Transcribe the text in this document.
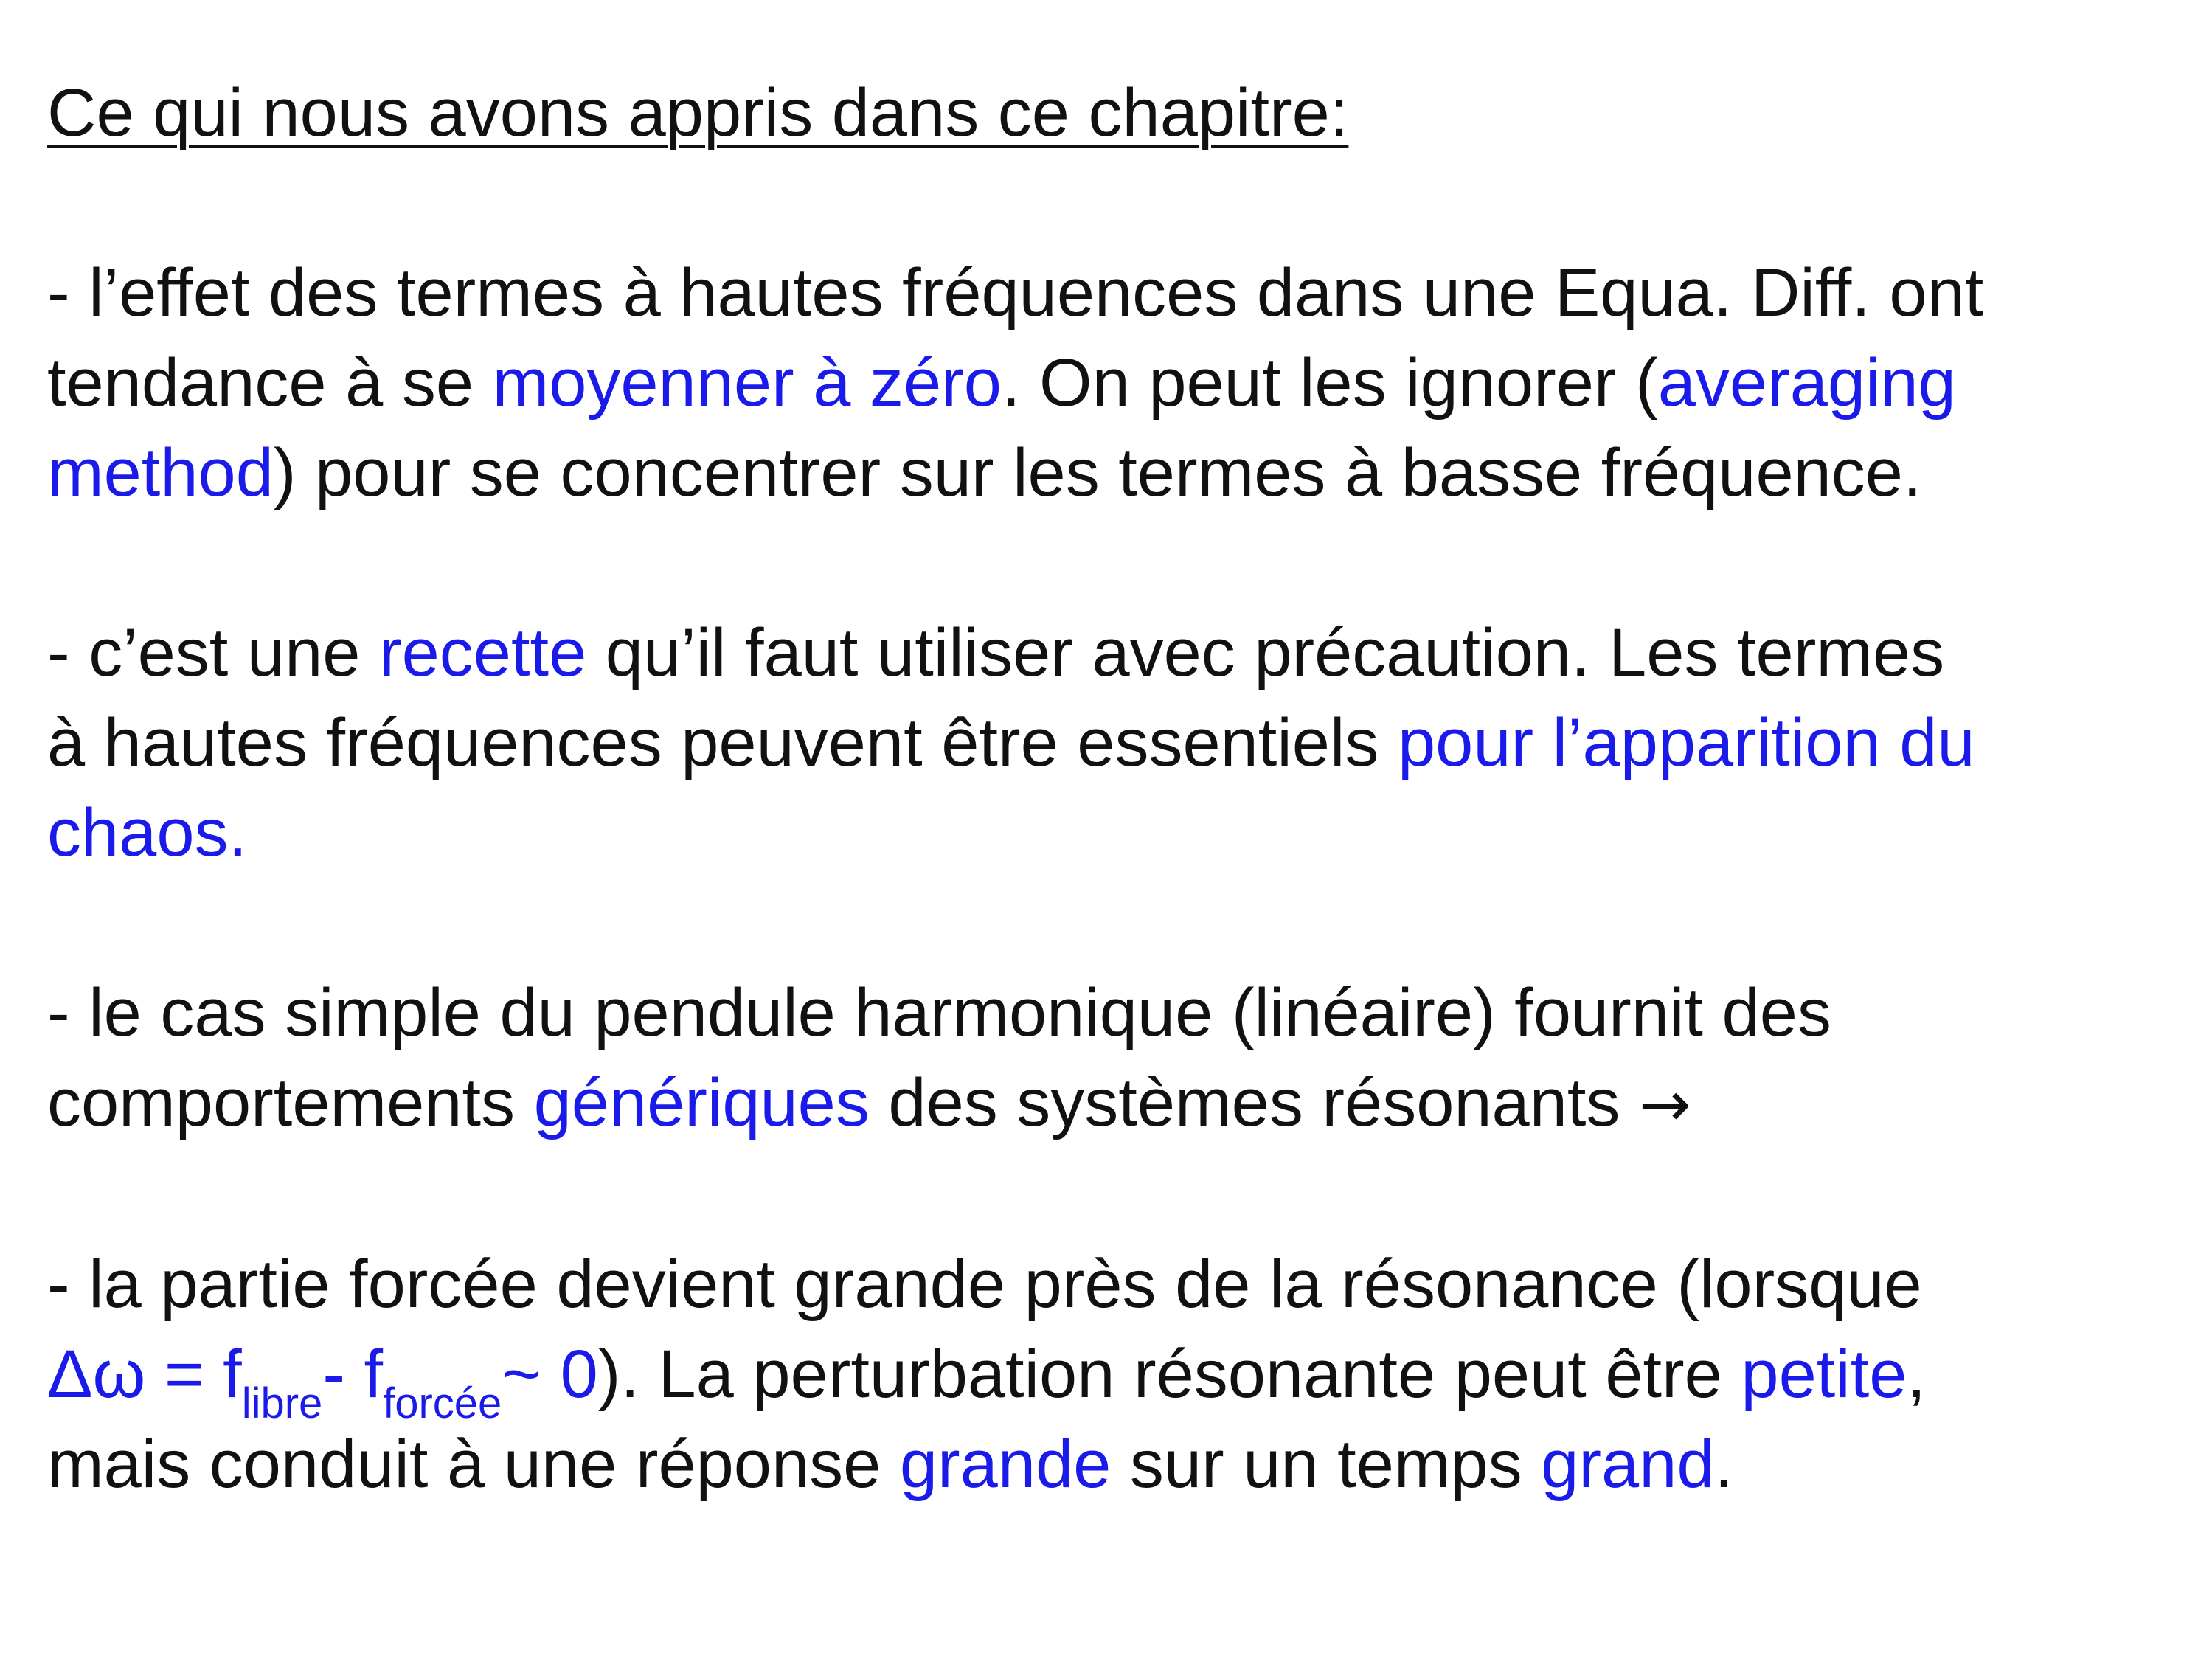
Ce qui nous avons appris dans ce chapitre:

- l’effet des termes à hautes fréquences dans une Equa. Diff. ont
tendance à se moyenner à zéro. On peut les ignorer (averaging
method) pour se concentrer sur les termes à basse fréquence.

- c’est une recette qu’il faut utiliser avec précaution. Les termes
à hautes fréquences peuvent être essentiels pour l’apparition du
chaos.

- le cas simple du pendule harmonique (linéaire) fournit des
comportements génériques des systèmes résonants →

- la partie forcée devient grande près de la résonance (lorsque
$\Delta\omega = f_{libre}-$ $f_{forcée}\sim$ 0). La perturbation résonante peut être petite,
mais conduit à une réponse grande sur un temps grand.
